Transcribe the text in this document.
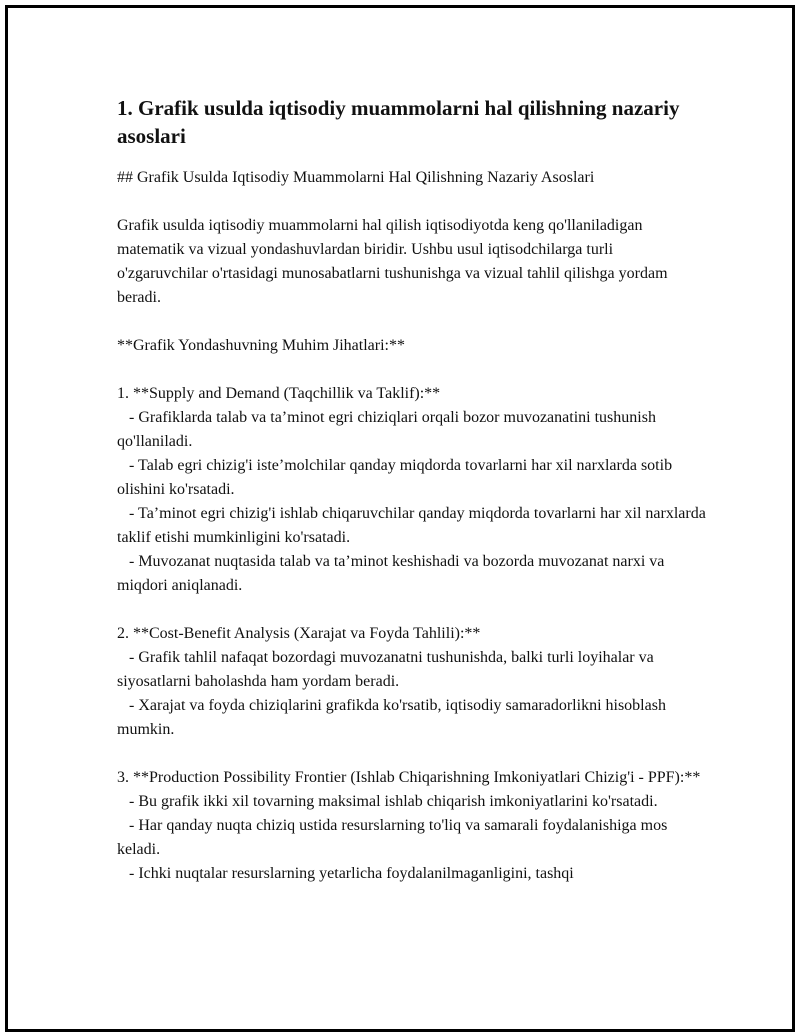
1. Grafik usulda iqtisodiy muammolarni hal qilishning nazariy asoslari

## Grafik Usulda Iqtisodiy Muammolarni Hal Qilishning Nazariy Asoslari

Grafik usulda iqtisodiy muammolarni hal qilish iqtisodiyotda keng qo'llaniladigan matematik va vizual yondashuvlardan biridir. Ushbu usul iqtisodchilarga turli o'zgaruvchilar o'rtasidagi munosabatlarni tushunishga va vizual tahlil qilishga yordam beradi.

**Grafik Yondashuvning Muhim Jihatlari:**

1. **Supply and Demand (Taqchillik va Taklif):**
- Grafiklarda talab va ta’minot egri chiziqlari orqali bozor muvozanatini tushunish qo'llaniladi.
- Talab egri chizig'i iste’molchilar qanday miqdorda tovarlarni har xil narxlarda sotib olishini ko'rsatadi.
- Ta’minot egri chizig'i ishlab chiqaruvchilar qanday miqdorda tovarlarni har xil narxlarda taklif etishi mumkinligini ko'rsatadi.
- Muvozanat nuqtasida talab va ta’minot keshishadi va bozorda muvozanat narxi va miqdori aniqlanadi.

2. **Cost-Benefit Analysis (Xarajat va Foyda Tahlili):**
- Grafik tahlil nafaqat bozordagi muvozanatni tushunishda, balki turli loyihalar va siyosatlarni baholashda ham yordam beradi.
- Xarajat va foyda chiziqlarini grafikda ko'rsatib, iqtisodiy samaradorlikni hisoblash mumkin.

3. **Production Possibility Frontier (Ishlab Chiqarishning Imkoniyatlari Chizig'i - PPF):**
- Bu grafik ikki xil tovarning maksimal ishlab chiqarish imkoniyatlarini ko'rsatadi.
- Har qanday nuqta chiziq ustida resurslarning to'liq va samarali foydalanishiga mos keladi.
- Ichki nuqtalar resurslarning yetarlicha foydalanilmaganligini, tashqi
